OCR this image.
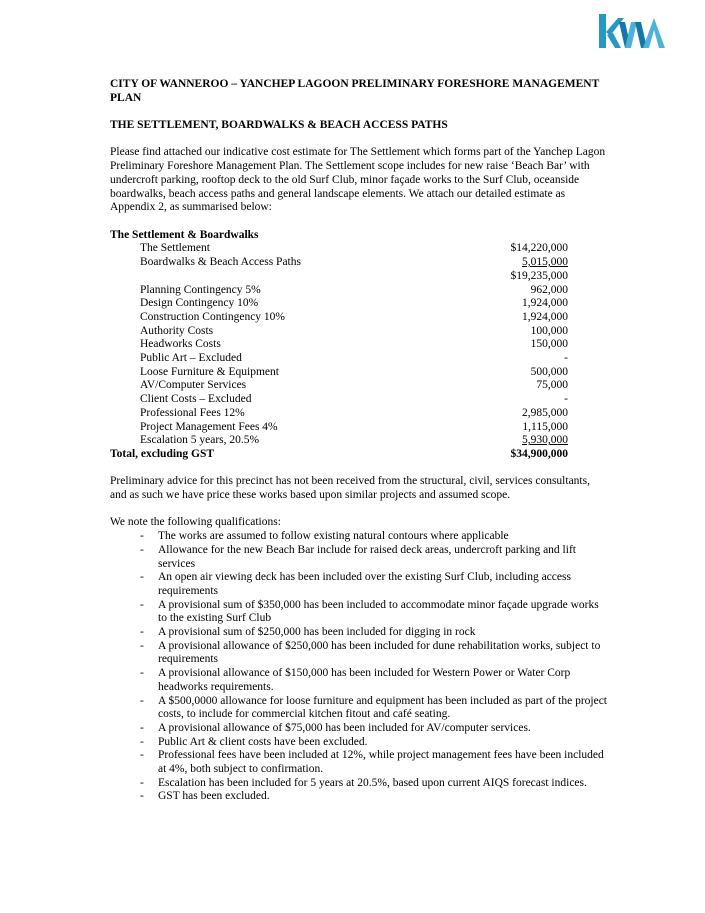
CITY OF WANNEROO – YANCHEP LAGOON PRELIMINARY FORESHORE MANAGEMENT PLAN
THE SETTLEMENT, BOARDWALKS & BEACH ACCESS PATHS
Please find attached our indicative cost estimate for The Settlement which forms part of the Yanchep Lagon Preliminary Foreshore Management Plan. The Settlement scope includes for new raise ‘Beach Bar’ with undercroft parking, rooftop deck to the old Surf Club, minor façade works to the Surf Club, oceanside boardwalks, beach access paths and general landscape elements. We attach our detailed estimate as Appendix 2, as summarised below:
The Settlement & Boardwalks
The Settlement	$14,220,000
Boardwalks & Beach Access Paths	5,015,000
$19,235,000
Planning Contingency 5%	962,000
Design Contingency 10%	1,924,000
Construction Contingency 10%	1,924,000
Authority Costs	100,000
Headworks Costs	150,000
Public Art – Excluded	-
Loose Furniture & Equipment	500,000
AV/Computer Services	75,000
Client Costs – Excluded	-
Professional Fees 12%	2,985,000
Project Management Fees 4%	1,115,000
Escalation 5 years, 20.5%	5,930,000
Total, excluding GST	$34,900,000
Preliminary advice for this precinct has not been received from the structural, civil, services consultants, and as such we have price these works based upon similar projects and assumed scope.
We note the following qualifications:
-	The works are assumed to follow existing natural contours where applicable
-	Allowance for the new Beach Bar include for raised deck areas, undercroft parking and lift services
-	An open air viewing deck has been included over the existing Surf Club, including access requirements
-	A provisional sum of $350,000 has been included to accommodate minor façade upgrade works to the existing Surf Club
-	A provisional sum of $250,000 has been included for digging in rock
-	A provisional allowance of $250,000 has been included for dune rehabilitation works, subject to requirements
-	A provisional allowance of $150,000 has been included for Western Power or Water Corp headworks requirements.
-	A $500,0000 allowance for loose furniture and equipment has been included as part of the project costs, to include for commercial kitchen fitout and café seating.
-	A provisional allowance of $75,000 has been included for AV/computer services.
-	Public Art & client costs have been excluded.
-	Professional fees have been included at 12%, while project management fees have been included at 4%, both subject to confirmation.
-	Escalation has been included for 5 years at 20.5%, based upon current AIQS forecast indices.
-	GST has been excluded.
